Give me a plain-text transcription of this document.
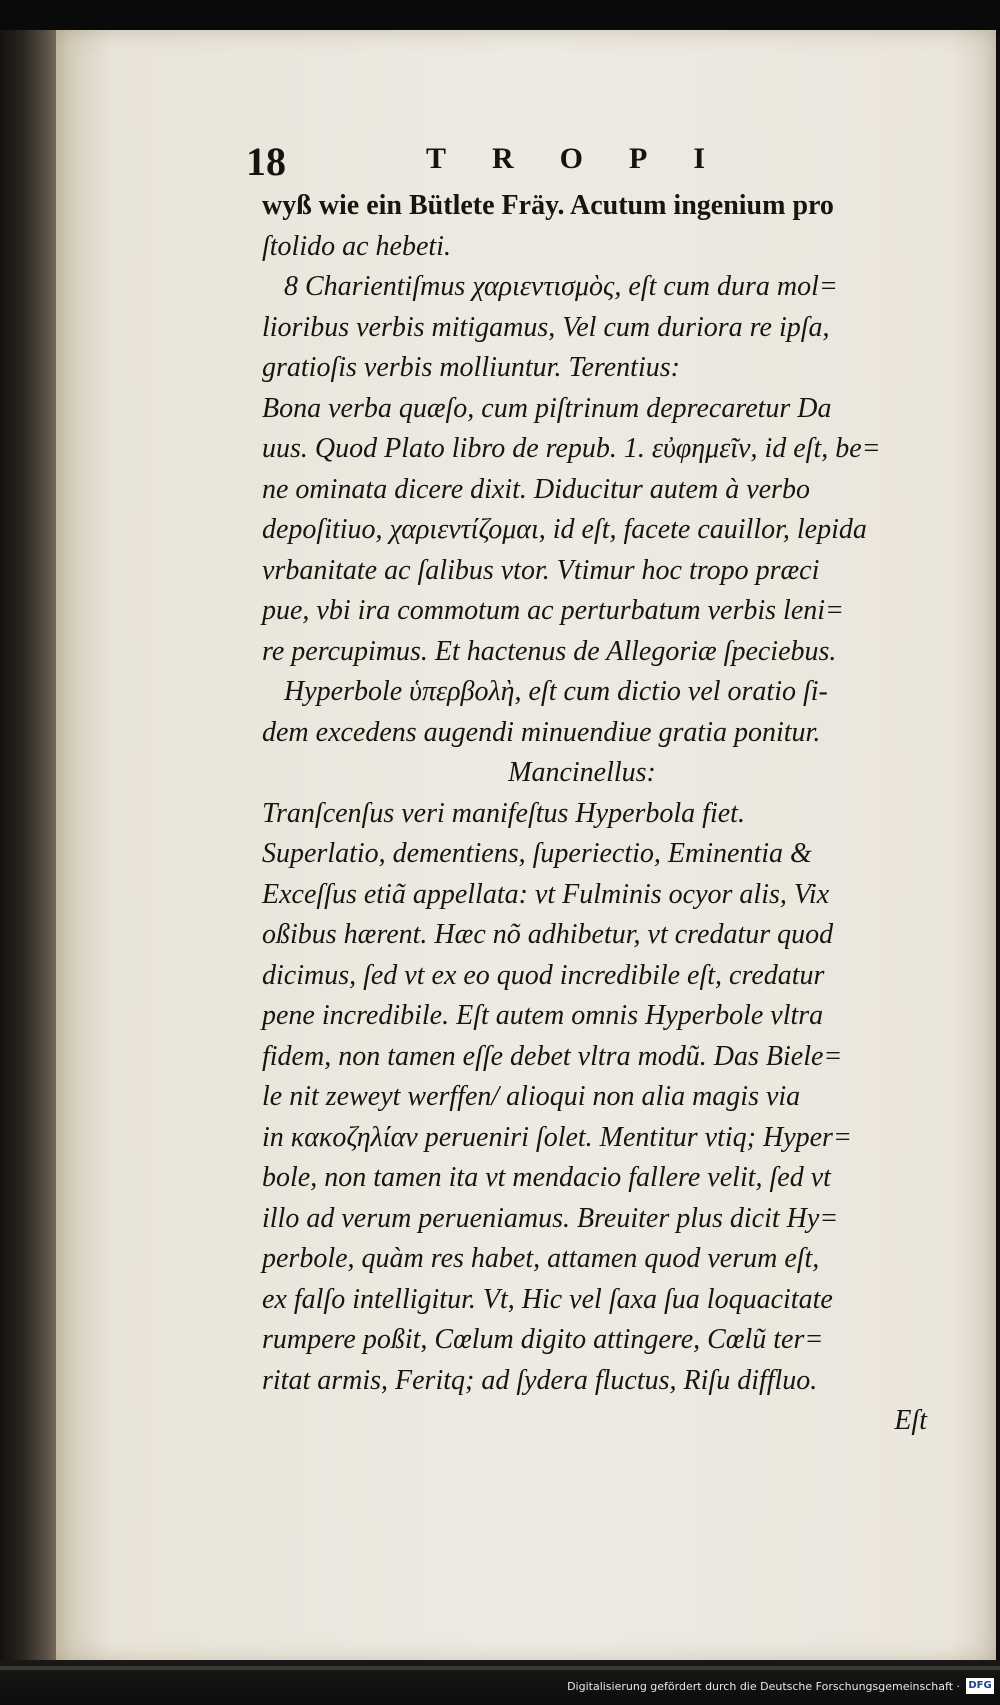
18	TROPI
wyß wie ein Bütlete Fräy. Acutum ingenium pro
ſtolido ac hebeti.
8 Charientiſmus χαριεντισμὸς, eſt cum dura mol=
lioribus verbis mitigamus, Vel cum duriora re ipſa,
gratioſis verbis molliuntur. Terentius:
Bona verba quæſo, cum piſtrinum deprecaretur Da
uus. Quod Plato libro de repub. 1. εὐφημεῖν, id eſt, be=
ne ominata dicere dixit. Diducitur autem à verbo
depoſitiuo, χαριεντίζομαι, id eſt, facete cauillor, lepida
vrbanitate ac ſalibus vtor. Vtimur hoc tropo præci
pue, vbi ira commotum ac perturbatum verbis leni=
re percupimus. Et hactenus de Allegoriæ ſpeciebus.
Hyperbole ὑπερβολὴ, eſt cum dictio vel oratio ſi-
dem excedens augendi minuendiue gratia ponitur.
Mancinellus:
Tranſcenſus veri manifeſtus Hyperbola fiet.
Superlatio, dementiens, ſuperiectio, Eminentia &
Exceſſus etiã appellata: vt Fulminis ocyor alis, Vix
oßibus hærent. Hæc nõ adhibetur, vt credatur quod
dicimus, ſed vt ex eo quod incredibile eſt, credatur
pene incredibile. Eſt autem omnis Hyperbole vltra
fidem, non tamen eſſe debet vltra modũ. Das Biele=
le nit zeweyt werffen/ alioqui non alia magis via
in κακοζηλίαν perueniri ſolet. Mentitur vtiq; Hyper=
bole, non tamen ita vt mendacio fallere velit, ſed vt
illo ad verum perueniamus. Breuiter plus dicit Hy=
perbole, quàm res habet, attamen quod verum eſt,
ex falſo intelligitur. Vt, Hic vel ſaxa ſua loquacitate
rumpere poßit, Cœlum digito attingere, Cœlũ ter=
ritat armis, Feritq; ad ſydera fluctus, Riſu diffluo.
Eſt
Digitalisierung gefördert durch die Deutsche Forschungsgemeinschaft · DFG
